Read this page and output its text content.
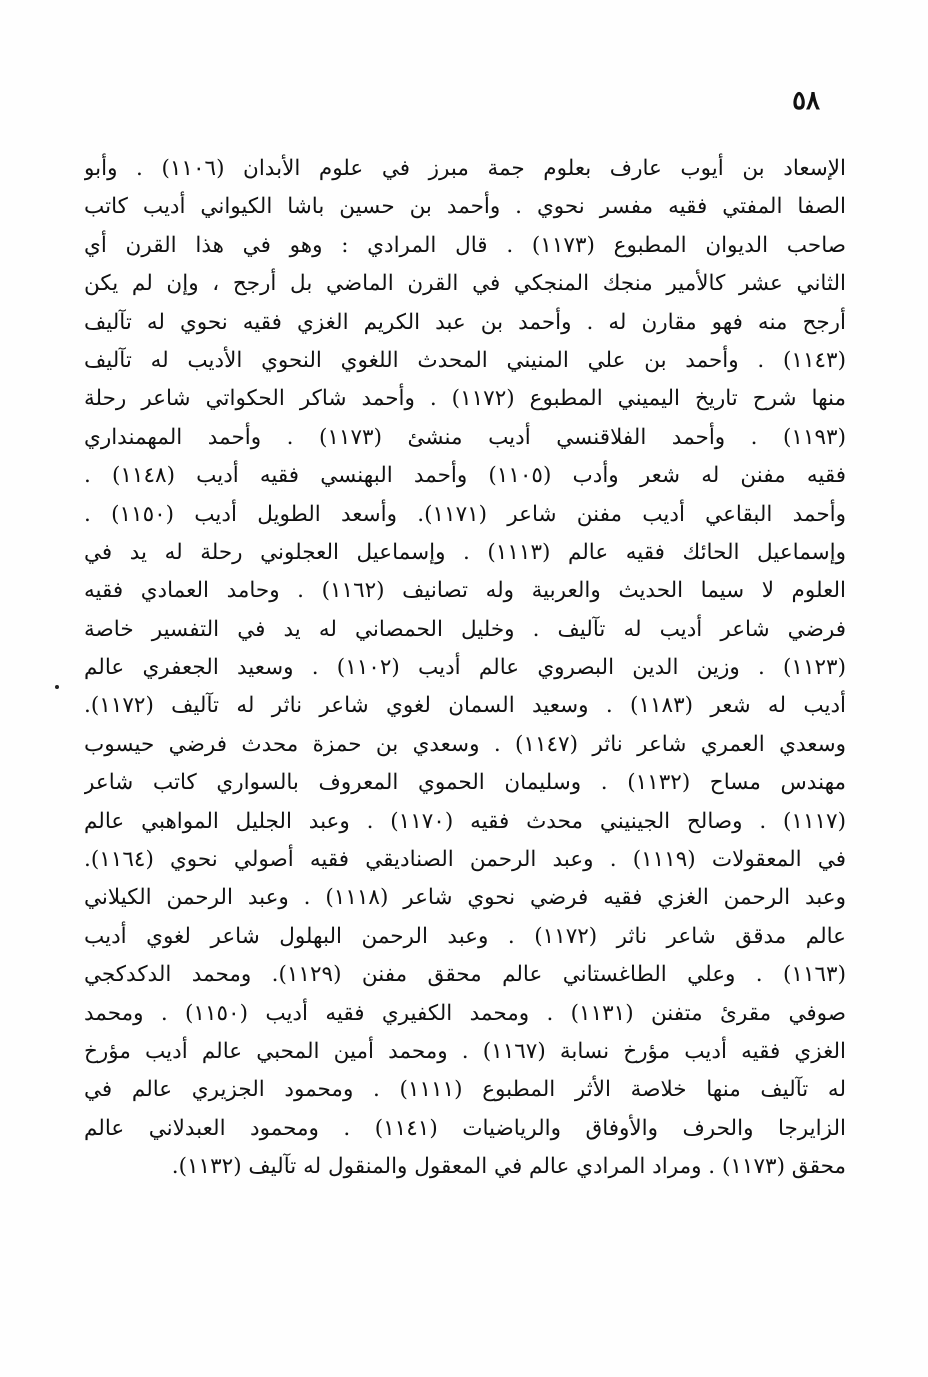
٥٨
الإسعاد بن أيوب عارف بعلوم جمة مبرز في علوم الأبدان (١١٠٦) . وأبو
الصفا المفتي فقيه مفسر نحوي . وأحمد بن حسين باشا الكيواني أديب كاتب
صاحب الديوان المطبوع (١١٧٣) . قال المرادي : وهو في هذا القرن أي
الثاني عشر كالأمير منجك المنجكي في القرن الماضي بل أرجح ، وإن لم يكن
أرجح منه فهو مقارن له . وأحمد بن عبد الكريم الغزي فقيه نحوي له تآليف
(١١٤٣) . وأحمد بن علي المنيني المحدث اللغوي النحوي الأديب له تآليف
منها شرح تاريخ اليميني المطبوع (١١٧٢) . وأحمد شاكر الحكواتي شاعر رحلة
(١١٩٣) . وأحمد الفلاقنسي أديب منشئ (١١٧٣) . وأحمد المهمنداري
فقيه مفنن له شعر وأدب (١١٠٥) وأحمد البهنسي فقيه أديب (١١٤٨) .
وأحمد البقاعي أديب مفنن شاعر (١١٧١). وأسعد الطويل أديب (١١٥٠) .
وإسماعيل الحائك فقيه عالم (١١١٣) . وإسماعيل العجلوني رحلة له يد في
العلوم لا سيما الحديث والعربية وله تصانيف (١١٦٢) . وحامد العمادي فقيه
فرضي شاعر أديب له تآليف . وخليل الحمصاني له يد في التفسير خاصة
(١١٢٣) . وزين الدين البصروي عالم أديب (١١٠٢) . وسعيد الجعفري عالم
أديب له شعر (١١٨٣) . وسعيد السمان لغوي شاعر ناثر له تآليف (١١٧٢).
وسعدي العمري شاعر ناثر (١١٤٧) . وسعدي بن حمزة محدث فرضي حيسوب
مهندس مساح (١١٣٢) . وسليمان الحموي المعروف بالسواري كاتب شاعر
(١١١٧) . وصالح الجينيني محدث فقيه (١١٧٠) . وعبد الجليل المواهبي عالم
في المعقولات (١١١٩) . وعبد الرحمن الصناديقي فقيه أصولي نحوي (١١٦٤).
وعبد الرحمن الغزي فقيه فرضي نحوي شاعر (١١١٨) . وعبد الرحمن الكيلاني
عالم مدقق شاعر ناثر (١١٧٢) . وعبد الرحمن البهلول شاعر لغوي أديب
(١١٦٣) . وعلي الطاغستاني عالم محقق مفنن (١١٢٩). ومحمد الدكدكجي
صوفي مقرئ متفنن (١١٣١) . ومحمد الكفيري فقيه أديب (١١٥٠) . ومحمد
الغزي فقيه أديب مؤرخ نسابة (١١٦٧) . ومحمد أمين المحبي عالم أديب مؤرخ
له تآليف منها خلاصة الأثر المطبوع (١١١١) . ومحمود الجزيري عالم في
الزايرجا والحرف والأوفاق والرياضيات (١١٤١) . ومحمود العبدلاني عالم
محقق (١١٧٣) . ومراد المرادي عالم في المعقول والمنقول له تآليف (١١٣٢).
